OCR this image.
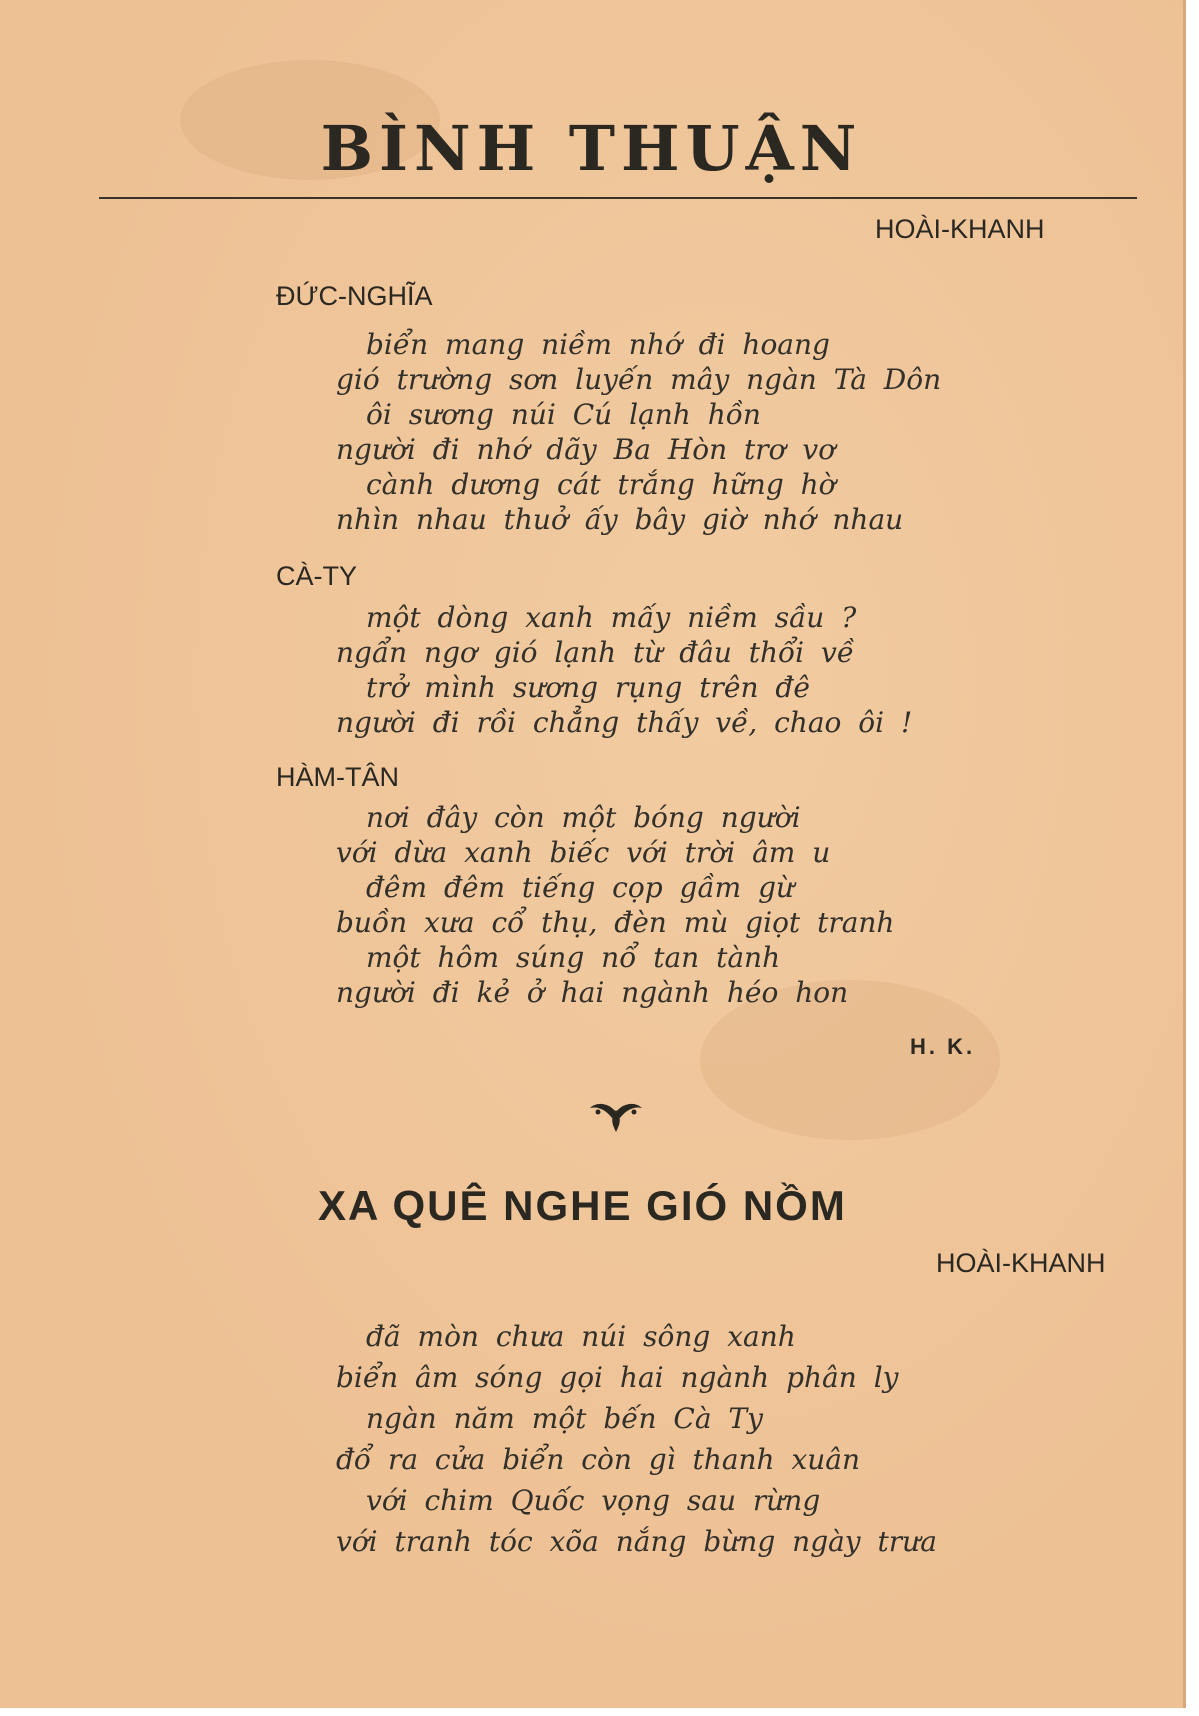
BÌNH THUẬN

HOÀI-KHANH

ĐỨC-NGHĨA

biển mang niềm nhớ đi hoang

gió trường sơn luyến mây ngàn Tà Dôn

ôi sương núi Cú lạnh hồn

người đi nhớ dãy Ba Hòn trơ vơ

cành dương cát trắng hững hờ

nhìn nhau thuở ấy bây giờ nhớ nhau

CÀ-TY

một dòng xanh mấy niềm sầu ?

ngẩn ngơ gió lạnh từ đâu thổi về

trở mình sương rụng trên đê

người đi rồi chẳng thấy về, chao ôi !

HÀM-TÂN

nơi đây còn một bóng người

với dừa xanh biếc với trời âm u

đêm đêm tiếng cọp gầm gừ

buồn xưa cổ thụ, đèn mù giọt tranh

một hôm súng nổ tan tành

người đi kẻ ở hai ngành héo hon

H. K.

XA QUÊ NGHE GIÓ NỒM

HOÀI-KHANH

đã mòn chưa núi sông xanh

biển âm sóng gọi hai ngành phân ly

ngàn năm một bến Cà Ty

đổ ra cửa biển còn gì thanh xuân

với chim Quốc vọng sau rừng

với tranh tóc xõa nắng bừng ngày trưa
